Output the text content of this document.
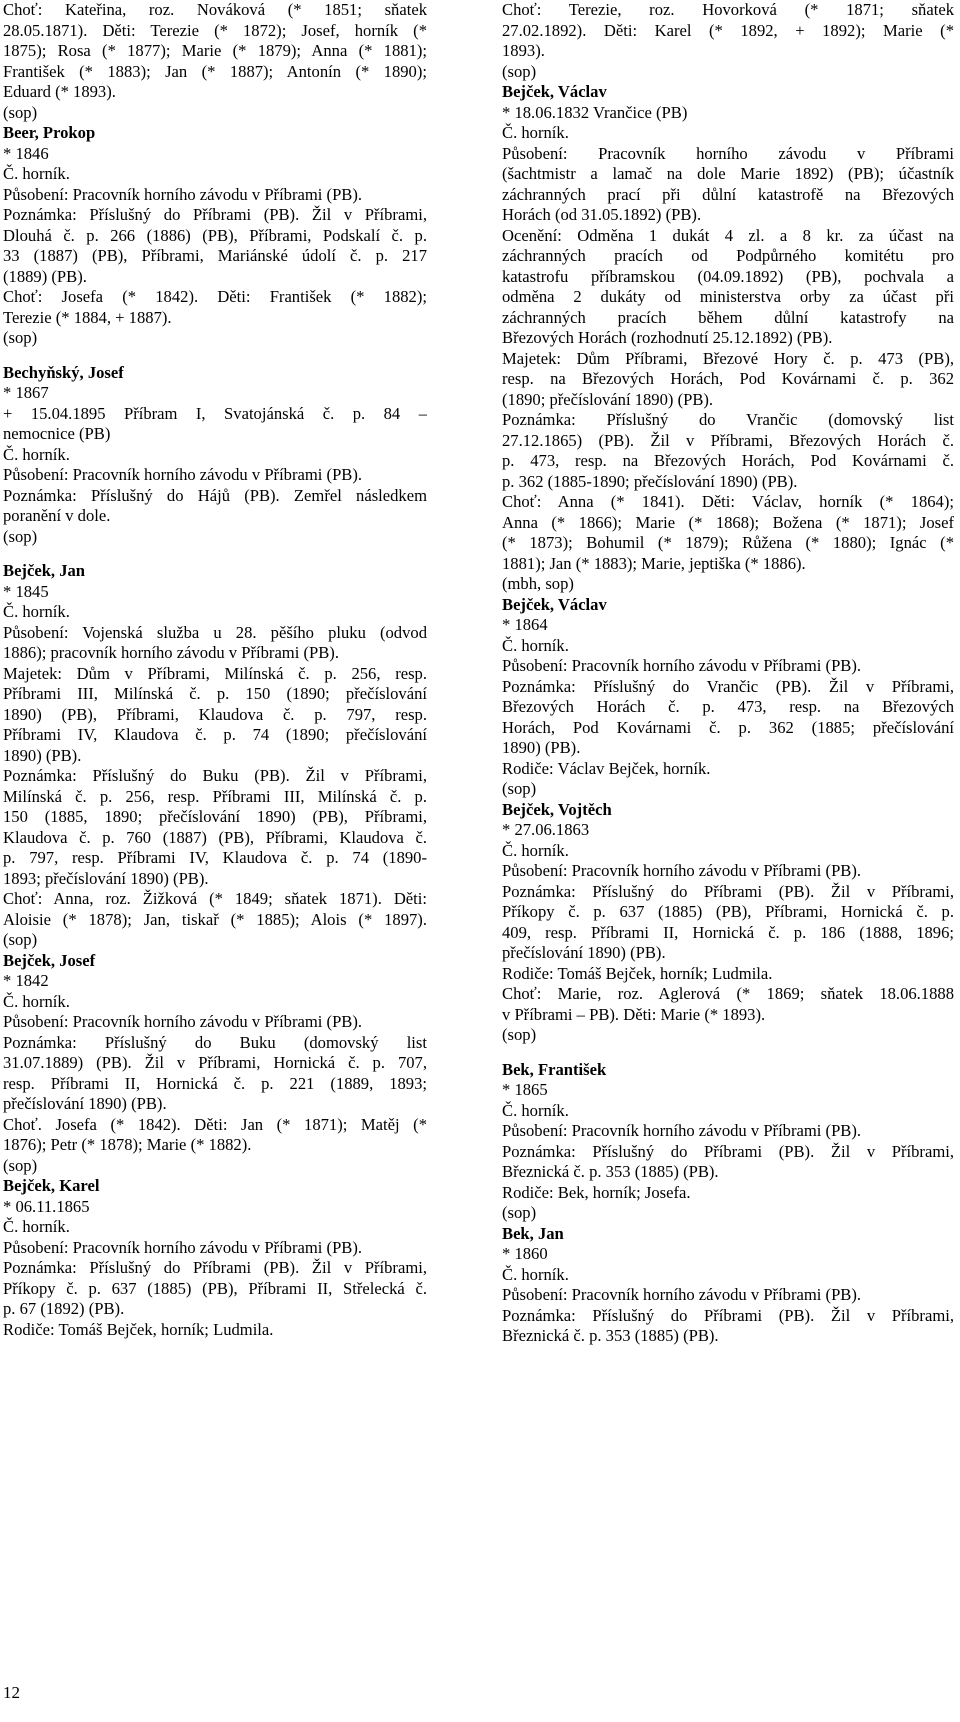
Choť: Kateřina, roz. Nováková (* 1851; sňatek
28.05.1871). Děti: Terezie (* 1872); Josef, horník (*
1875); Rosa (* 1877); Marie (* 1879); Anna (* 1881);
František (* 1883); Jan (* 1887); Antonín (* 1890);
Eduard (* 1893).
(sop)
Beer, Prokop
* 1846
Č. horník.
Působení: Pracovník horního závodu v Příbrami (PB).
Poznámka: Příslušný do Příbrami (PB). Žil v Příbrami,
Dlouhá č. p. 266 (1886) (PB), Příbrami, Podskalí č. p.
33 (1887) (PB), Příbrami, Mariánské údolí č. p. 217
(1889) (PB).
Choť: Josefa (* 1842). Děti: František (* 1882);
Terezie (* 1884, + 1887).
(sop)
Bechyňský, Josef
* 1867
+ 15.04.1895 Příbram I, Svatojánská č. p. 84 –
nemocnice (PB)
Č. horník.
Působení: Pracovník horního závodu v Příbrami (PB).
Poznámka: Příslušný do Hájů (PB). Zemřel následkem
poranění v dole.
(sop)
Bejček, Jan
* 1845
Č. horník.
Působení: Vojenská služba u 28. pěšího pluku (odvod
1886); pracovník horního závodu v Příbrami (PB).
Majetek: Dům v Příbrami, Milínská č. p. 256, resp.
Příbrami III, Milínská č. p. 150 (1890; přečíslování
1890) (PB), Příbrami, Klaudova č. p. 797, resp.
Příbrami IV, Klaudova č. p. 74 (1890; přečíslování
1890) (PB).
Poznámka: Příslušný do Buku (PB). Žil v Příbrami,
Milínská č. p. 256, resp. Příbrami III, Milínská č. p.
150 (1885, 1890; přečíslování 1890) (PB), Příbrami,
Klaudova č. p. 760 (1887) (PB), Příbrami, Klaudova č.
p. 797, resp. Příbrami IV, Klaudova č. p. 74 (1890-
1893; přečíslování 1890) (PB).
Choť: Anna, roz. Žižková (* 1849; sňatek 1871). Děti:
Aloisie (* 1878); Jan, tiskař (* 1885); Alois (* 1897).
(sop)
Bejček, Josef
* 1842
Č. horník.
Působení: Pracovník horního závodu v Příbrami (PB).
Poznámka: Příslušný do Buku (domovský list
31.07.1889) (PB). Žil v Příbrami, Hornická č. p. 707,
resp. Příbrami II, Hornická č. p. 221 (1889, 1893;
přečíslování 1890) (PB).
Choť. Josefa (* 1842). Děti: Jan (* 1871); Matěj (*
1876); Petr (* 1878); Marie (* 1882).
(sop)
Bejček, Karel
* 06.11.1865
Č. horník.
Působení: Pracovník horního závodu v Příbrami (PB).
Poznámka: Příslušný do Příbrami (PB). Žil v Příbrami,
Příkopy č. p. 637 (1885) (PB), Příbrami II, Střelecká č.
p. 67 (1892) (PB).
Rodiče: Tomáš Bejček, horník; Ludmila.
Choť: Terezie, roz. Hovorková (* 1871; sňatek
27.02.1892). Děti: Karel (* 1892, + 1892); Marie (*
1893).
(sop)
Bejček, Václav
* 18.06.1832 Vrančice (PB)
Č. horník.
Působení: Pracovník horního závodu v Příbrami
(šachtmistr a lamač na dole Marie 1892) (PB); účastník
záchranných prací při důlní katastrofě na Březových
Horách (od 31.05.1892) (PB).
Ocenění: Odměna 1 dukát 4 zl. a 8 kr. za účast na
záchranných pracích od Podpůrného komitétu pro
katastrofu příbramskou (04.09.1892) (PB), pochvala a
odměna 2 dukáty od ministerstva orby za účast při
záchranných pracích během důlní katastrofy na
Březových Horách (rozhodnutí 25.12.1892) (PB).
Majetek: Dům Příbrami, Březové Hory č. p. 473 (PB),
resp. na Březových Horách, Pod Kovárnami č. p. 362
(1890; přečíslování 1890) (PB).
Poznámka: Příslušný do Vrančic (domovský list
27.12.1865) (PB). Žil v Příbrami, Březových Horách č.
p. 473, resp. na Březových Horách, Pod Kovárnami č.
p. 362 (1885-1890; přečíslování 1890) (PB).
Choť: Anna (* 1841). Děti: Václav, horník (* 1864);
Anna (* 1866); Marie (* 1868); Božena (* 1871); Josef
(* 1873); Bohumil (* 1879); Růžena (* 1880); Ignác (*
1881); Jan (* 1883); Marie, jeptiška (* 1886).
(mbh, sop)
Bejček, Václav
* 1864
Č. horník.
Působení: Pracovník horního závodu v Příbrami (PB).
Poznámka: Příslušný do Vrančic (PB). Žil v Příbrami,
Březových Horách č. p. 473, resp. na Březových
Horách, Pod Kovárnami č. p. 362 (1885; přečíslování
1890) (PB).
Rodiče: Václav Bejček, horník.
(sop)
Bejček, Vojtěch
* 27.06.1863
Č. horník.
Působení: Pracovník horního závodu v Příbrami (PB).
Poznámka: Příslušný do Příbrami (PB). Žil v Příbrami,
Příkopy č. p. 637 (1885) (PB), Příbrami, Hornická č. p.
409, resp. Příbrami II, Hornická č. p. 186 (1888, 1896;
přečíslování 1890) (PB).
Rodiče: Tomáš Bejček, horník; Ludmila.
Choť: Marie, roz. Aglerová (* 1869; sňatek 18.06.1888
v Příbrami – PB). Děti: Marie (* 1893).
(sop)
Bek, František
* 1865
Č. horník.
Působení: Pracovník horního závodu v Příbrami (PB).
Poznámka: Příslušný do Příbrami (PB). Žil v Příbrami,
Březnická č. p. 353 (1885) (PB).
Rodiče: Bek, horník; Josefa.
(sop)
Bek, Jan
* 1860
Č. horník.
Působení: Pracovník horního závodu v Příbrami (PB).
Poznámka: Příslušný do Příbrami (PB). Žil v Příbrami,
Březnická č. p. 353 (1885) (PB).
12
